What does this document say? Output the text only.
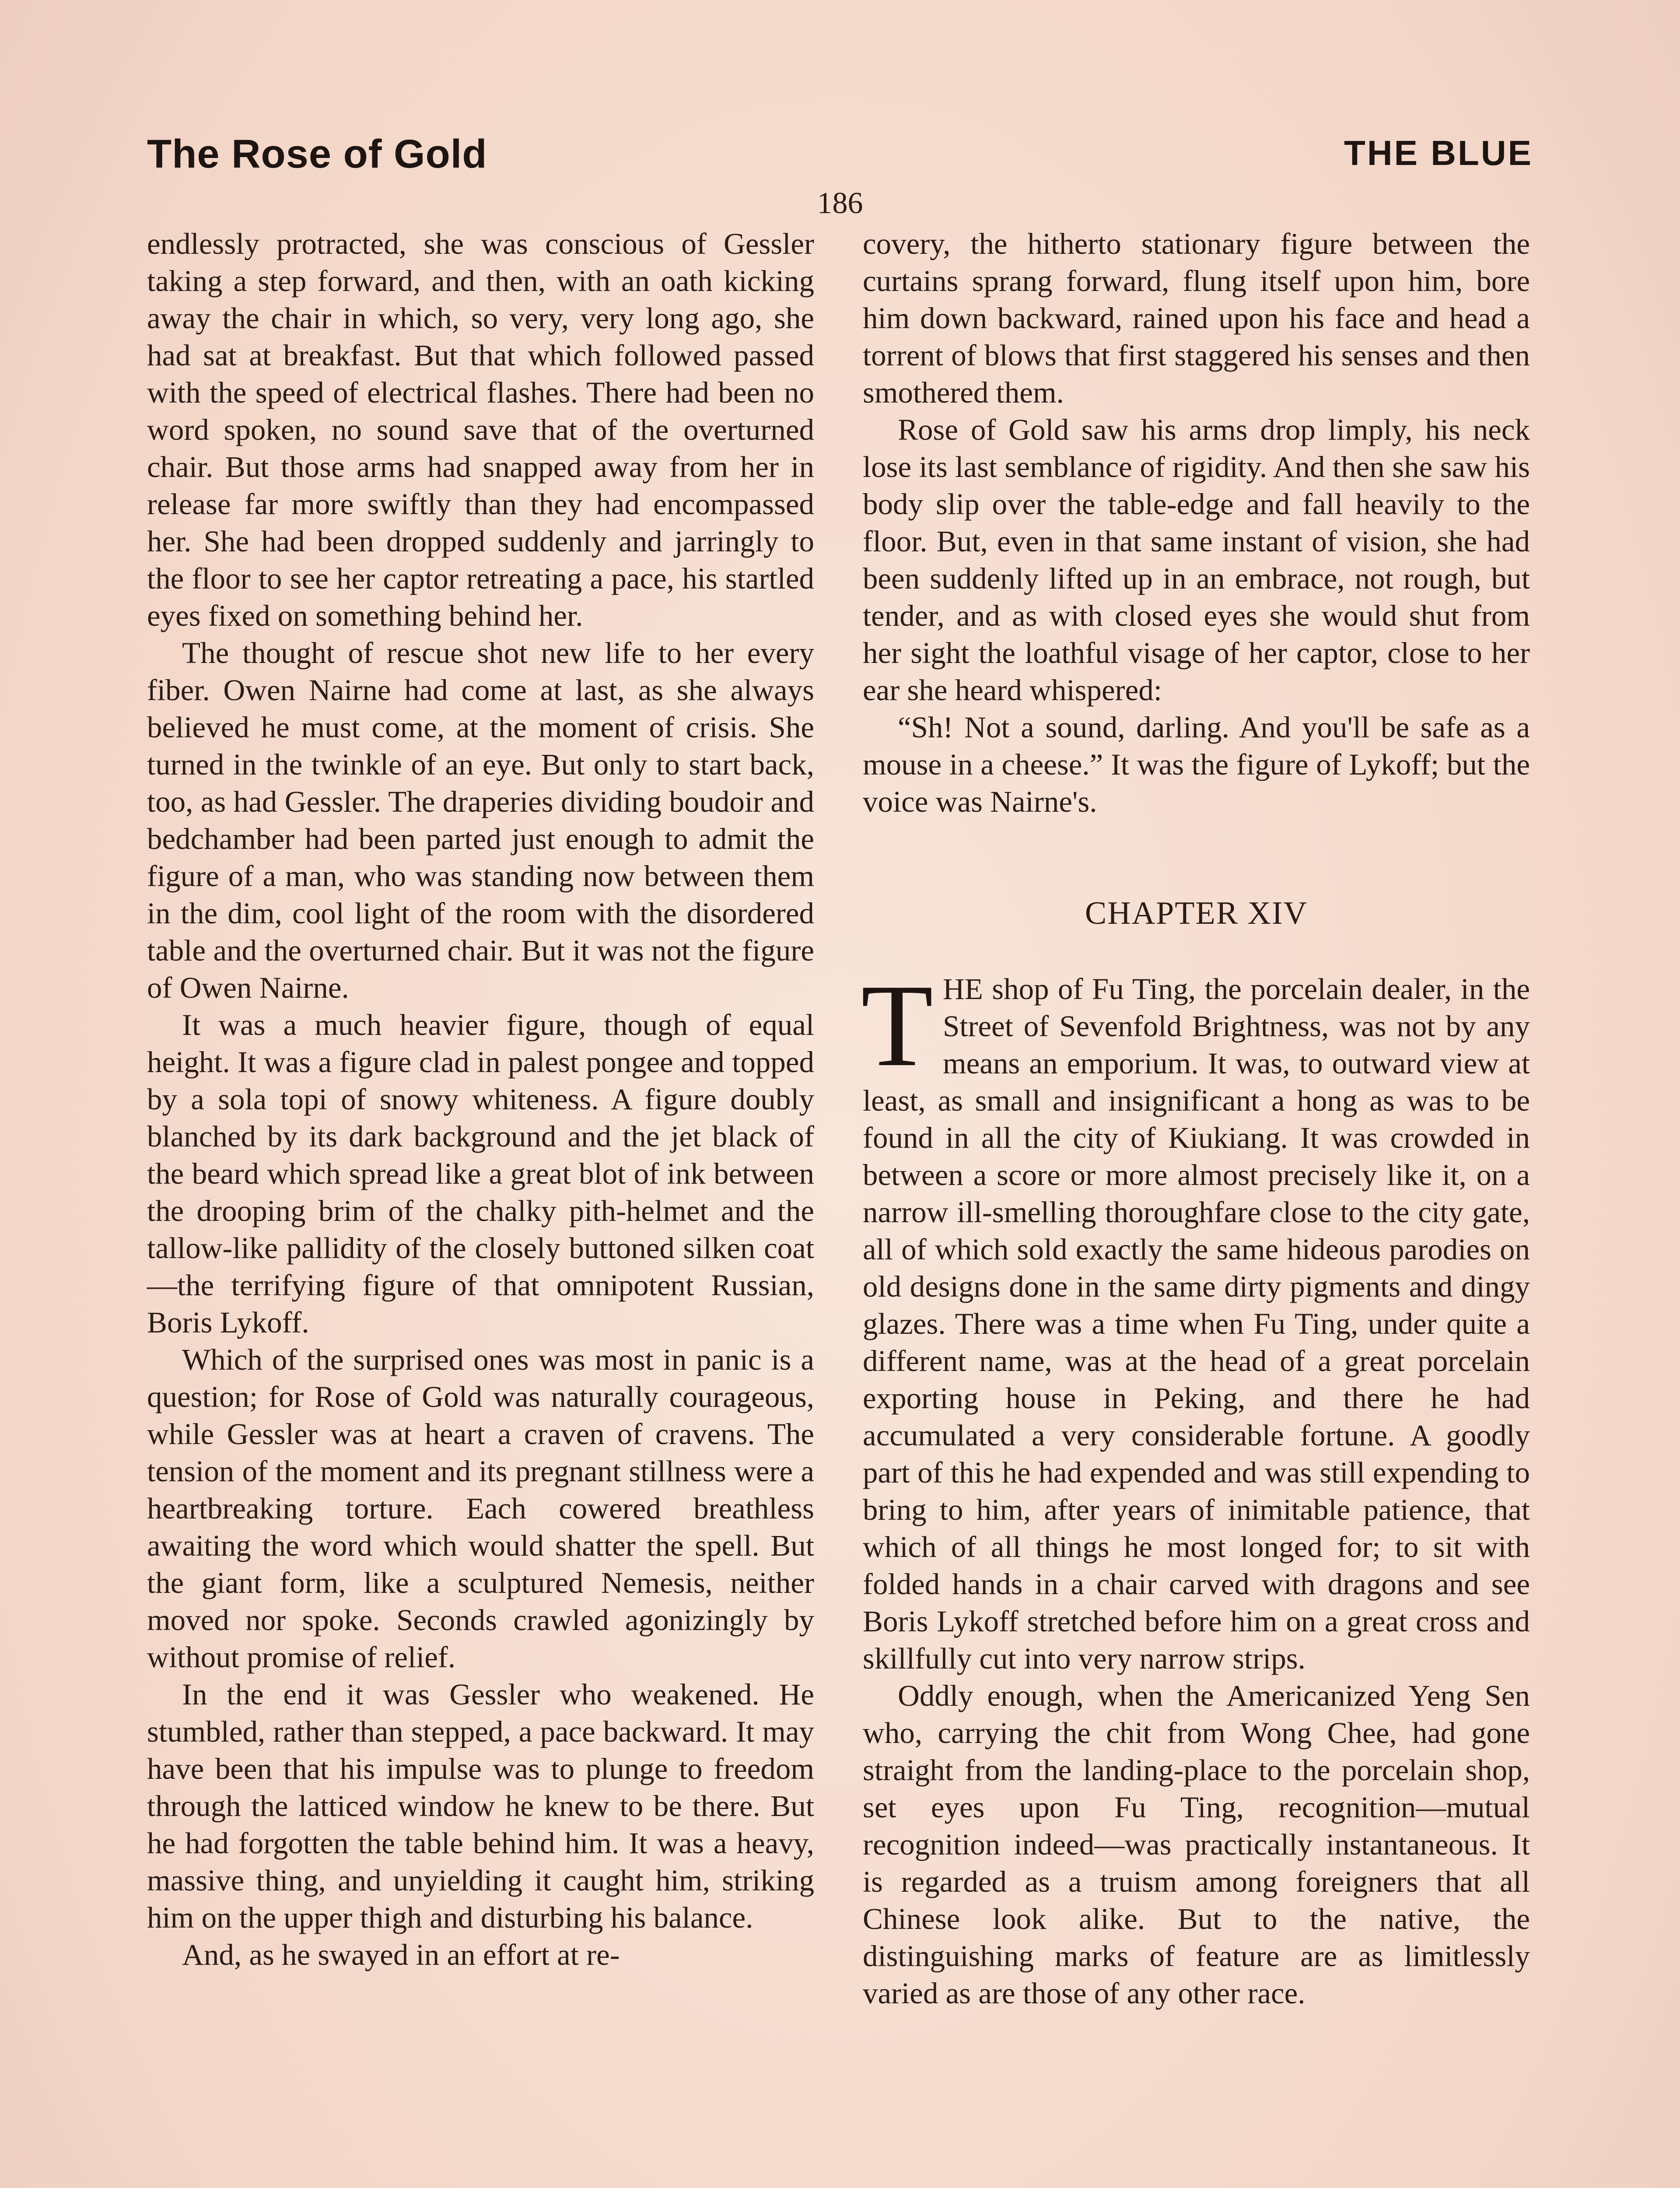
The Rose of Gold	THE BLUE
186

endlessly protracted, she was conscious of Gessler taking a step forward, and then, with an oath kicking away the chair in which, so very, very long ago, she had sat at breakfast. But that which followed passed with the speed of electrical flashes. There had been no word spoken, no sound save that of the overturned chair. But those arms had snapped away from her in release far more swiftly than they had encompassed her. She had been dropped suddenly and jarringly to the floor to see her captor retreating a pace, his startled eyes fixed on something behind her.

The thought of rescue shot new life to her every fiber. Owen Nairne had come at last, as she always believed he must come, at the moment of crisis. She turned in the twinkle of an eye. But only to start back, too, as had Gessler. The draperies dividing boudoir and bedchamber had been parted just enough to admit the figure of a man, who was standing now between them in the dim, cool light of the room with the disordered table and the overturned chair. But it was not the figure of Owen Nairne.

It was a much heavier figure, though of equal height. It was a figure clad in palest pongee and topped by a sola topi of snowy whiteness. A figure doubly blanched by its dark background and the jet black of the beard which spread like a great blot of ink between the drooping brim of the chalky pith-helmet and the tallow-like pallidity of the closely buttoned silken coat—the terrifying figure of that omnipotent Russian, Boris Lykoff.

Which of the surprised ones was most in panic is a question; for Rose of Gold was naturally courageous, while Gessler was at heart a craven of cravens. The tension of the moment and its pregnant stillness were a heartbreaking torture. Each cowered breathless awaiting the word which would shatter the spell. But the giant form, like a sculptured Nemesis, neither moved nor spoke. Seconds crawled agonizingly by without promise of relief.

In the end it was Gessler who weakened. He stumbled, rather than stepped, a pace backward. It may have been that his impulse was to plunge to freedom through the latticed window he knew to be there. But he had forgotten the table behind him. It was a heavy, massive thing, and unyielding it caught him, striking him on the upper thigh and disturbing his balance.

And, as he swayed in an effort at re-

covery, the hitherto stationary figure between the curtains sprang forward, flung itself upon him, bore him down backward, rained upon his face and head a torrent of blows that first staggered his senses and then smothered them.

Rose of Gold saw his arms drop limply, his neck lose its last semblance of rigidity. And then she saw his body slip over the table-edge and fall heavily to the floor. But, even in that same instant of vision, she had been suddenly lifted up in an embrace, not rough, but tender, and as with closed eyes she would shut from her sight the loathful visage of her captor, close to her ear she heard whispered:

“Sh! Not a sound, darling. And you'll be safe as a mouse in a cheese.” It was the figure of Lykoff; but the voice was Nairne's.

CHAPTER XIV

THE shop of Fu Ting, the porcelain dealer, in the Street of Sevenfold Brightness, was not by any means an emporium. It was, to outward view at least, as small and insignificant a hong as was to be found in all the city of Kiukiang. It was crowded in between a score or more almost precisely like it, on a narrow ill-smelling thoroughfare close to the city gate, all of which sold exactly the same hideous parodies on old designs done in the same dirty pigments and dingy glazes. There was a time when Fu Ting, under quite a different name, was at the head of a great porcelain exporting house in Peking, and there he had accumulated a very considerable fortune. A goodly part of this he had expended and was still expending to bring to him, after years of inimitable patience, that which of all things he most longed for; to sit with folded hands in a chair carved with dragons and see Boris Lykoff stretched before him on a great cross and skillfully cut into very narrow strips.

Oddly enough, when the Americanized Yeng Sen who, carrying the chit from Wong Chee, had gone straight from the landing-place to the porcelain shop, set eyes upon Fu Ting, recognition—mutual recognition indeed—was practically instantaneous. It is regarded as a truism among foreigners that all Chinese look alike. But to the native, the distinguishing marks of feature are as limitlessly varied as are those of any other race.
